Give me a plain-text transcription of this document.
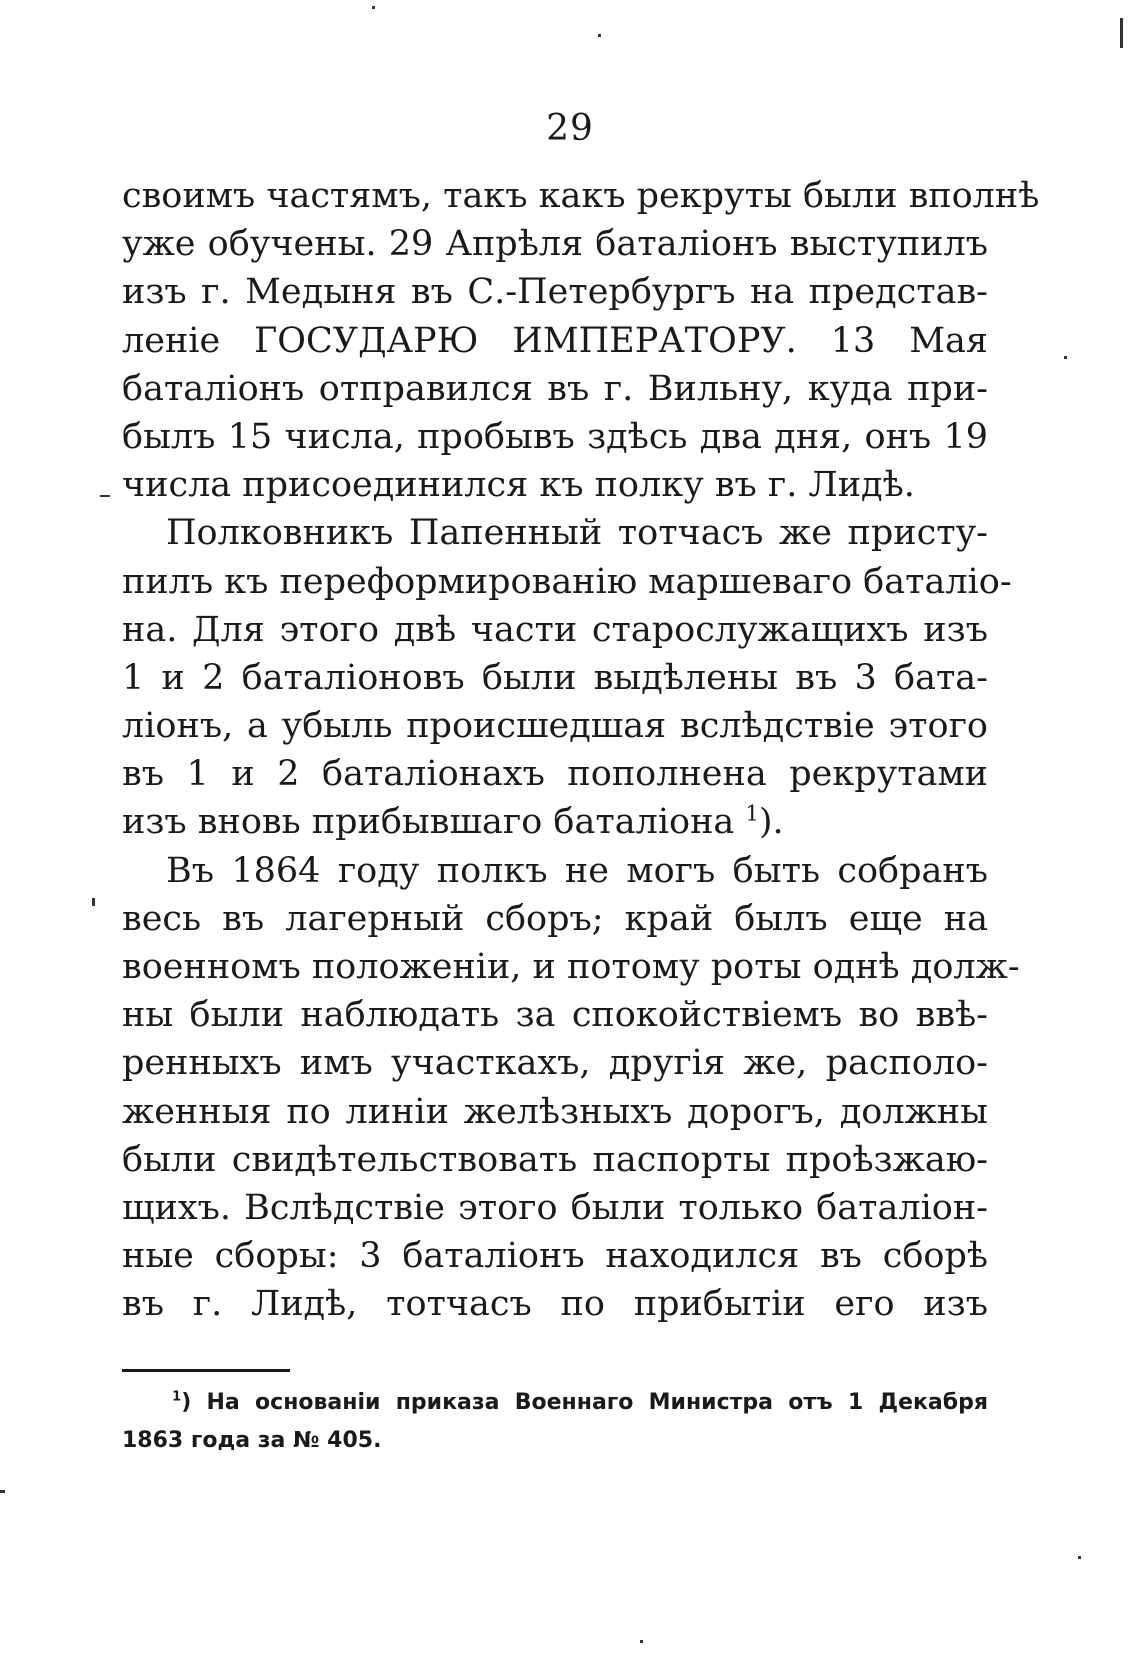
29
своимъ частямъ, такъ какъ рекруты были вполнѣ
уже обучены. 29 Апрѣля баталіонъ выступилъ
изъ г. Медыня въ С.-Петербургъ на представ-
леніе ГОСУДАРЮ ИМПЕРАТОРУ. 13 Мая
баталіонъ отправился въ г. Вильну, куда при-
былъ 15 числа, пробывъ здѣсь два дня, онъ 19
числа присоединился къ полку въ г. Лидѣ.
Полковникъ Папенный тотчасъ же присту-
пилъ къ переформированію маршеваго баталіо-
на. Для этого двѣ части старослужащихъ изъ
1 и 2 баталіоновъ были выдѣлены въ 3 бата-
ліонъ, а убыль происшедшая вслѣдствіе этого
въ 1 и 2 баталіонахъ пополнена рекрутами
изъ вновь прибывшаго баталіона $^1$).
Въ 1864 году полкъ не могъ быть собранъ
весь въ лагерный сборъ; край былъ еще на
военномъ положеніи, и потому роты однѣ долж-
ны были наблюдать за спокойствіемъ во ввѣ-
ренныхъ имъ участкахъ, другія же, располо-
женныя по линіи желѣзныхъ дорогъ, должны
были свидѣтельствовать паспорты проѣзжаю-
щихъ. Вслѣдствіе этого были только баталіон-
ные сборы: 3 баталіонъ находился въ сборѣ
въ г. Лидѣ, тотчасъ по прибытіи его изъ
$^1$) На основаніи приказа Военнаго Министра отъ 1 Декабря
1863 года за № 405.
